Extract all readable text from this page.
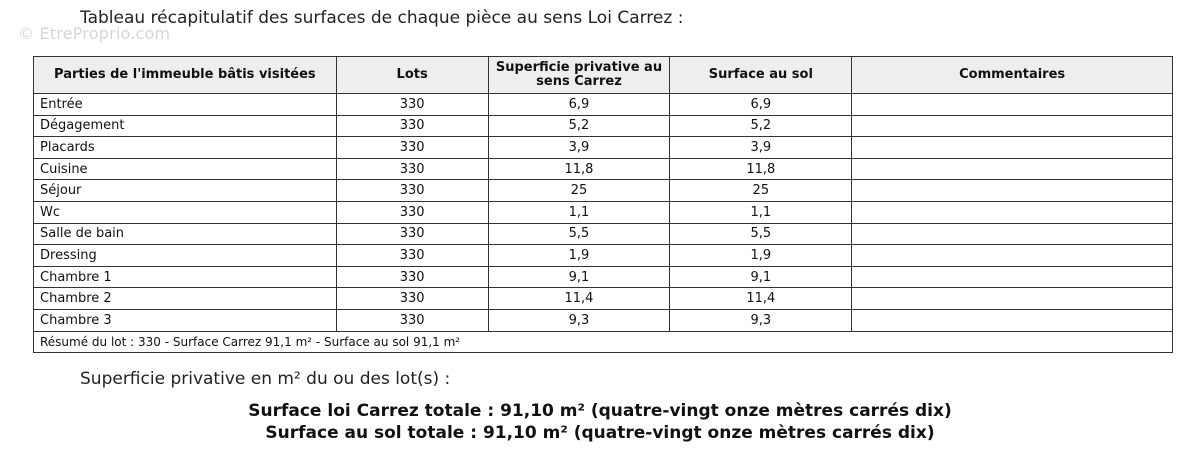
© EtreProprio.com
Tableau récapitulatif des surfaces de chaque pièce au sens Loi Carrez :
Parties de l'immeuble bâtis visitées	Lots	Superficie privative au sens Carrez	Surface au sol	Commentaires
Entrée	330	6,9	6,9	
Dégagement	330	5,2	5,2	
Placards	330	3,9	3,9	
Cuisine	330	11,8	11,8	
Séjour	330	25	25	
Wc	330	1,1	1,1	
Salle de bain	330	5,5	5,5	
Dressing	330	1,9	1,9	
Chambre 1	330	9,1	9,1	
Chambre 2	330	11,4	11,4	
Chambre 3	330	9,3	9,3	
Résumé du lot : 330 - Surface Carrez 91,1 m² - Surface au sol 91,1 m²				
Superficie privative en m² du ou des lot(s) :
Surface loi Carrez totale : 91,10 m² (quatre-vingt onze mètres carrés dix)
Surface au sol totale : 91,10 m² (quatre-vingt onze mètres carrés dix)
